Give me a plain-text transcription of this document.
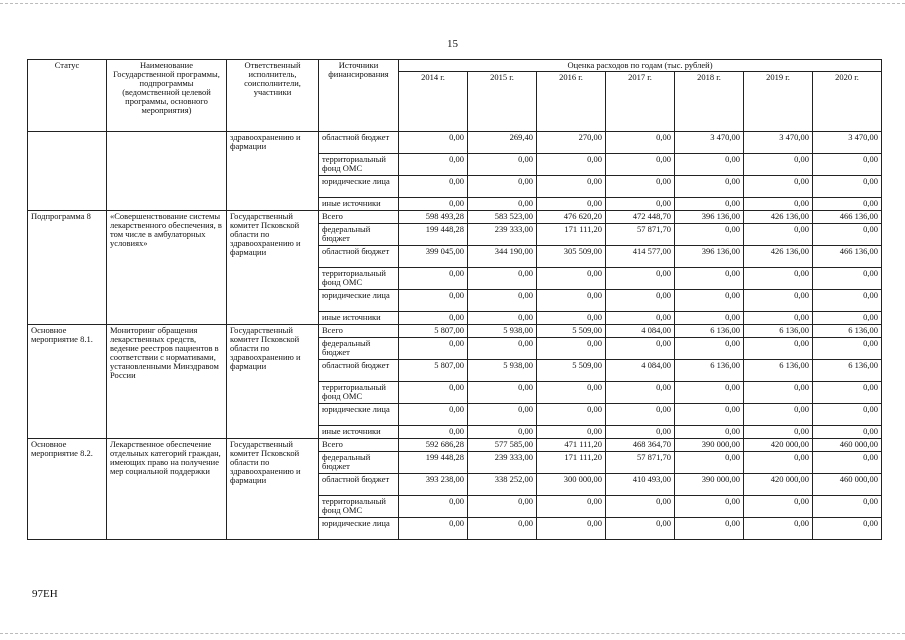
15
Статус	Наименование Государственной программы, подпрограммы (ведомственной целевой программы, основного мероприятия)	Ответственный исполнитель, соисполнители, участники	Источники финансирования	Оценка расходов по годам (тыс. рублей)						
				2014 г.	2015 г.	2016 г.	2017 г.	2018 г.	2019 г.	2020 г.
		здравоохранению и фармации	областной бюджет	0,00	269,40	270,00	0,00	3 470,00	3 470,00	3 470,00
			территориальный фонд ОМС	0,00	0,00	0,00	0,00	0,00	0,00	0,00
			юридические лица	0,00	0,00	0,00	0,00	0,00	0,00	0,00
			иные источники	0,00	0,00	0,00	0,00	0,00	0,00	0,00
Подпрограмма 8	«Совершенствование системы лекарственного обеспечения, в том числе в амбулаторных условиях»	Государственный комитет Псковской области по здравоохранению и фармации	Всего	598 493,28	583 523,00	476 620,20	472 448,70	396 136,00	426 136,00	466 136,00
			федеральный бюджет	199 448,28	239 333,00	171 111,20	57 871,70	0,00	0,00	0,00
			областной бюджет	399 045,00	344 190,00	305 509,00	414 577,00	396 136,00	426 136,00	466 136,00
			территориальный фонд ОМС	0,00	0,00	0,00	0,00	0,00	0,00	0,00
			юридические лица	0,00	0,00	0,00	0,00	0,00	0,00	0,00
			иные источники	0,00	0,00	0,00	0,00	0,00	0,00	0,00
Основное мероприятие 8.1.	Мониторинг обращения лекарственных средств, ведение реестров пациентов в соответствии с нормативами, установленными Минздравом России	Государственный комитет Псковской области по здравоохранению и фармации	Всего	5 807,00	5 938,00	5 509,00	4 084,00	6 136,00	6 136,00	6 136,00
			федеральный бюджет	0,00	0,00	0,00	0,00	0,00	0,00	0,00
			областной бюджет	5 807,00	5 938,00	5 509,00	4 084,00	6 136,00	6 136,00	6 136,00
			территориальный фонд ОМС	0,00	0,00	0,00	0,00	0,00	0,00	0,00
			юридические лица	0,00	0,00	0,00	0,00	0,00	0,00	0,00
			иные источники	0,00	0,00	0,00	0,00	0,00	0,00	0,00
Основное мероприятие 8.2.	Лекарственное обеспечение отдельных категорий граждан, имеющих право на получение мер социальной поддержки	Государственный комитет Псковской области по здравоохранению и фармации	Всего	592 686,28	577 585,00	471 111,20	468 364,70	390 000,00	420 000,00	460 000,00
			федеральный бюджет	199 448,28	239 333,00	171 111,20	57 871,70	0,00	0,00	0,00
			областной бюджет	393 238,00	338 252,00	300 000,00	410 493,00	390 000,00	420 000,00	460 000,00
			территориальный фонд ОМС	0,00	0,00	0,00	0,00	0,00	0,00	0,00
			юридические лица	0,00	0,00	0,00	0,00	0,00	0,00	0,00
97EH
